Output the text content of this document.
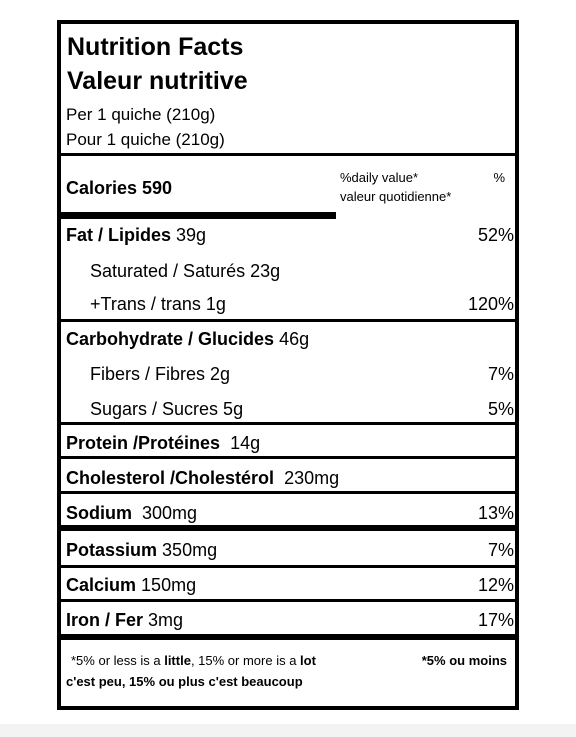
Nutrition Facts
Valeur nutritive
Per 1 quiche (210g)
Pour 1 quiche (210g)
Calories 590
%daily value*
valeur quotidienne*
%
Fat / Lipides 39g	52%
Saturated / Saturés 23g
+Trans / trans 1g	120%
Carbohydrate / Glucides 46g
Fibers / Fibres 2g	7%
Sugars / Sucres 5g	5%
Protein /Protéines 14g
Cholesterol /Cholestérol 230mg
Sodium 300mg	13%
Potassium 350mg	7%
Calcium 150mg	12%
Iron / Fer 3mg	17%
*5% or less is a little, 15% or more is a lot	*5% ou moins
c'est peu, 15% ou plus c'est beaucoup
